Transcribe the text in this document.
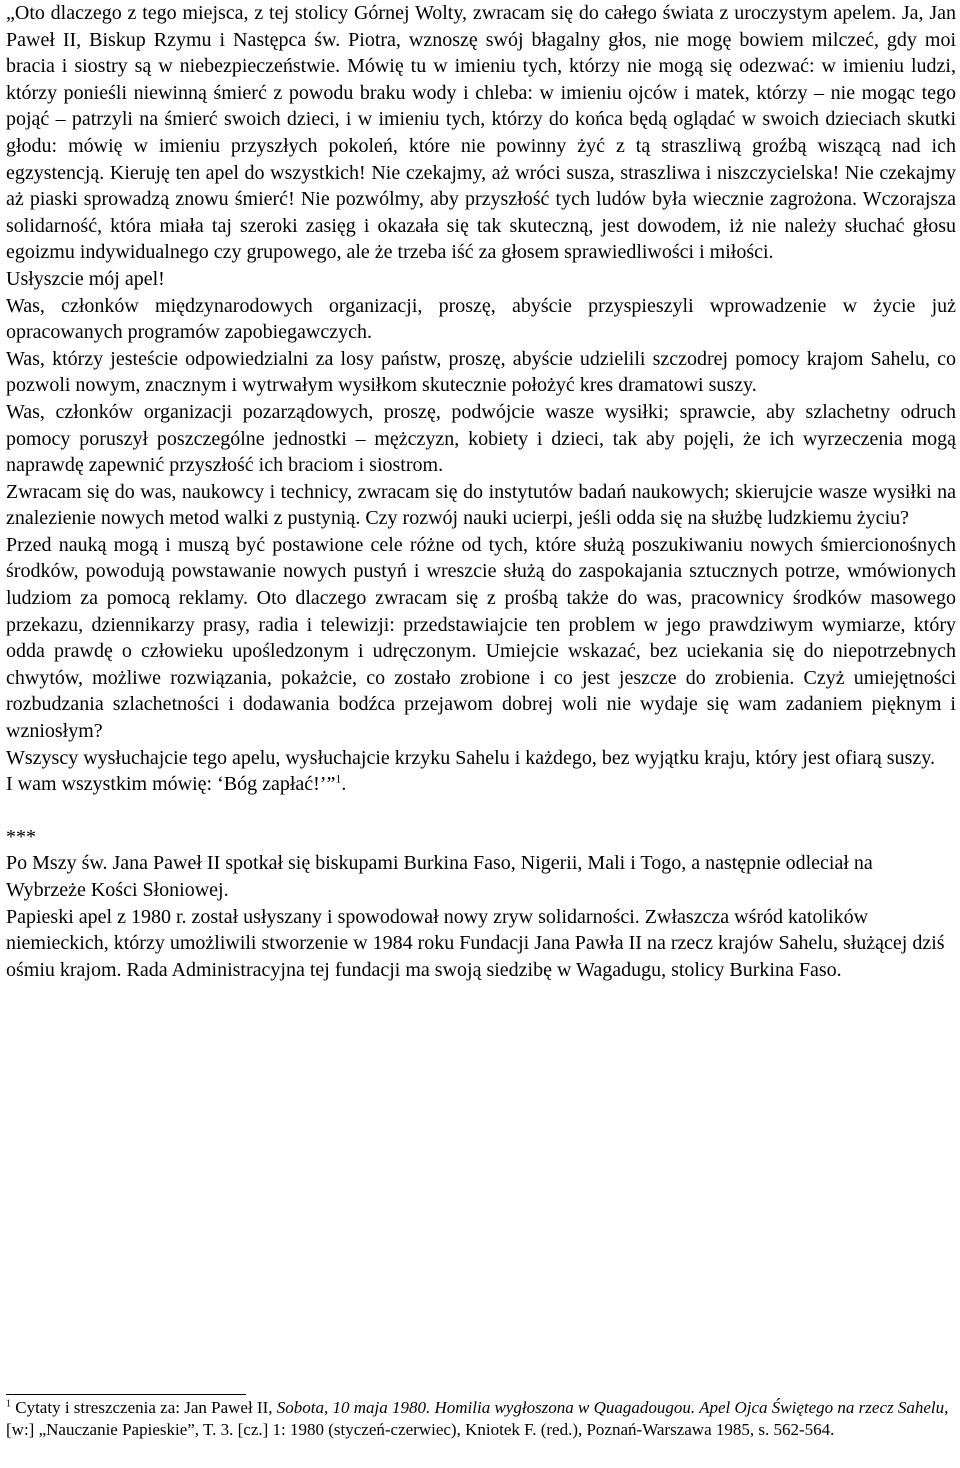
„Oto dlaczego z tego miejsca, z tej stolicy Górnej Wolty, zwracam się do całego świata z uroczystym apelem. Ja, Jan Paweł II, Biskup Rzymu i Następca św. Piotra, wznoszę swój błagalny głos, nie mogę bowiem milczeć, gdy moi bracia i siostry są w niebezpieczeństwie. Mówię tu w imieniu tych, którzy nie mogą się odezwać: w imieniu ludzi, którzy ponieśli niewinną śmierć z powodu braku wody i chleba: w imieniu ojców i matek, którzy – nie mogąc tego pojąć – patrzyli na śmierć swoich dzieci, i w imieniu tych, którzy do końca będą oglądać w swoich dzieciach skutki głodu: mówię w imieniu przyszłych pokoleń, które nie powinny żyć z tą straszliwą groźbą wiszącą nad ich egzystencją. Kieruję ten apel do wszystkich! Nie czekajmy, aż wróci susza, straszliwa i niszczycielska! Nie czekajmy aż piaski sprowadzą znowu śmierć! Nie pozwólmy, aby przyszłość tych ludów była wiecznie zagrożona. Wczorajsza solidarność, która miała taj szeroki zasięg i okazała się tak skuteczną, jest dowodem, iż nie należy słuchać głosu egoizmu indywidualnego czy grupowego, ale że trzeba iść za głosem sprawiedliwości i miłości.

Usłyszcie mój apel!

Was, członków międzynarodowych organizacji, proszę, abyście przyspieszyli wprowadzenie w życie już opracowanych programów zapobiegawczych.

Was, którzy jesteście odpowiedzialni za losy państw, proszę, abyście udzielili szczodrej pomocy krajom Sahelu, co pozwoli nowym, znacznym i wytrwałym wysiłkom skutecznie położyć kres dramatowi suszy.

Was, członków organizacji pozarządowych, proszę, podwójcie wasze wysiłki; sprawcie, aby szlachetny odruch pomocy poruszył poszczególne jednostki – mężczyzn, kobiety i dzieci, tak aby pojęli, że ich wyrzeczenia mogą naprawdę zapewnić przyszłość ich braciom i siostrom.

Zwracam się do was, naukowcy i technicy, zwracam się do instytutów badań naukowych; skierujcie wasze wysiłki na znalezienie nowych metod walki z pustynią. Czy rozwój nauki ucierpi, jeśli odda się na służbę ludzkiemu życiu?

Przed nauką mogą i muszą być postawione cele różne od tych, które służą poszukiwaniu nowych śmiercionośnych środków, powodują powstawanie nowych pustyń i wreszcie służą do zaspokajania sztucznych potrze, wmówionych ludziom za pomocą reklamy. Oto dlaczego zwracam się z prośbą także do was, pracownicy środków masowego przekazu, dziennikarzy prasy, radia i telewizji: przedstawiajcie ten problem w jego prawdziwym wymiarze, który odda prawdę o człowieku upośledzonym i udręczonym. Umiejcie wskazać, bez uciekania się do niepotrzebnych chwytów, możliwe rozwiązania, pokażcie, co zostało zrobione i co jest jeszcze do zrobienia. Czyż umiejętności rozbudzania szlachetności i dodawania bodźca przejawom dobrej woli nie wydaje się wam zadaniem pięknym i wzniosłym?

Wszyscy wysłuchajcie tego apelu, wysłuchajcie krzyku Sahelu i każdego, bez wyjątku kraju, który jest ofiarą suszy.

I wam wszystkim mówię: ‘Bóg zapłać!’”$^1$.

***

Po Mszy św. Jana Paweł II spotkał się biskupami Burkina Faso, Nigerii, Mali i Togo, a następnie odleciał na Wybrzeże Kości Słoniowej.

Papieski apel z 1980 r. został usłyszany i spowodował nowy zryw solidarności. Zwłaszcza wśród katolików niemieckich, którzy umożliwili stworzenie w 1984 roku Fundacji Jana Pawła II na rzecz krajów Sahelu, służącej dziś ośmiu krajom. Rada Administracyjna tej fundacji ma swoją siedzibę w Wagadugu, stolicy Burkina Faso.

$^1$ Cytaty i streszczenia za: Jan Paweł II, Sobota, 10 maja 1980. Homilia wygłoszona w Quagadougou. Apel Ojca Świętego na rzecz Sahelu, [w:] „Nauczanie Papieskie”, T. 3. [cz.] 1: 1980 (styczeń-czerwiec), Kniotek F. (red.), Poznań-Warszawa 1985, s. 562-564.
